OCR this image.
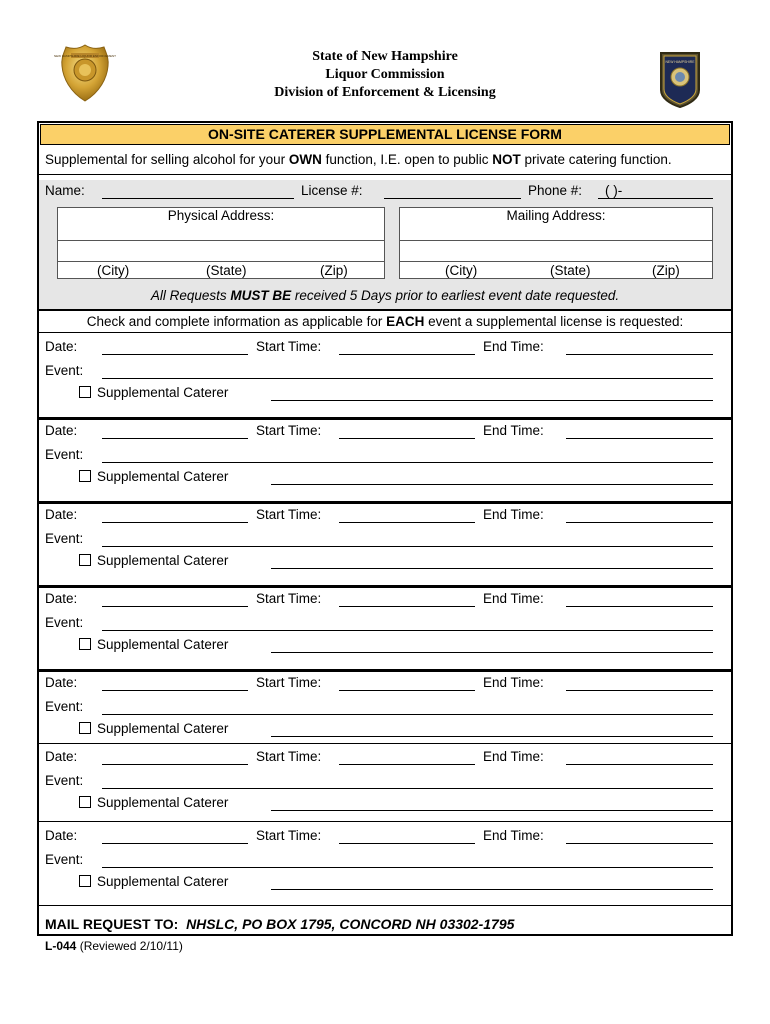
NEW HAMPSHIRE LIQUOR ENFORCEMENT
NEW HAMPSHIRE
State of New Hampshire
Liquor Commission
Division of Enforcement & Licensing
ON-SITE CATERER SUPPLEMENTAL LICENSE FORM
Supplemental for selling alcohol for your OWN function, I.E. open to public NOT private catering function.
Name:	License #:	Phone #: ( )-
Physical Address:
(City)	(State)	(Zip)
Mailing Address:
(City)	(State)	(Zip)
All Requests MUST BE received 5 Days prior to earliest event date requested.
Check and complete information as applicable for EACH event a supplemental license is requested:
Date:	Start Time:	End Time:
Event:
Supplemental Caterer
Date:	Start Time:	End Time:
Event:
Supplemental Caterer
Date:	Start Time:	End Time:
Event:
Supplemental Caterer
Date:	Start Time:	End Time:
Event:
Supplemental Caterer
Date:	Start Time:	End Time:
Event:
Supplemental Caterer
Date:	Start Time:	End Time:
Event:
Supplemental Caterer
Date:	Start Time:	End Time:
Event:
Supplemental Caterer
MAIL REQUEST TO: NHSLC, PO BOX 1795, CONCORD NH 03302-1795
L-044 (Reviewed 2/10/11)
